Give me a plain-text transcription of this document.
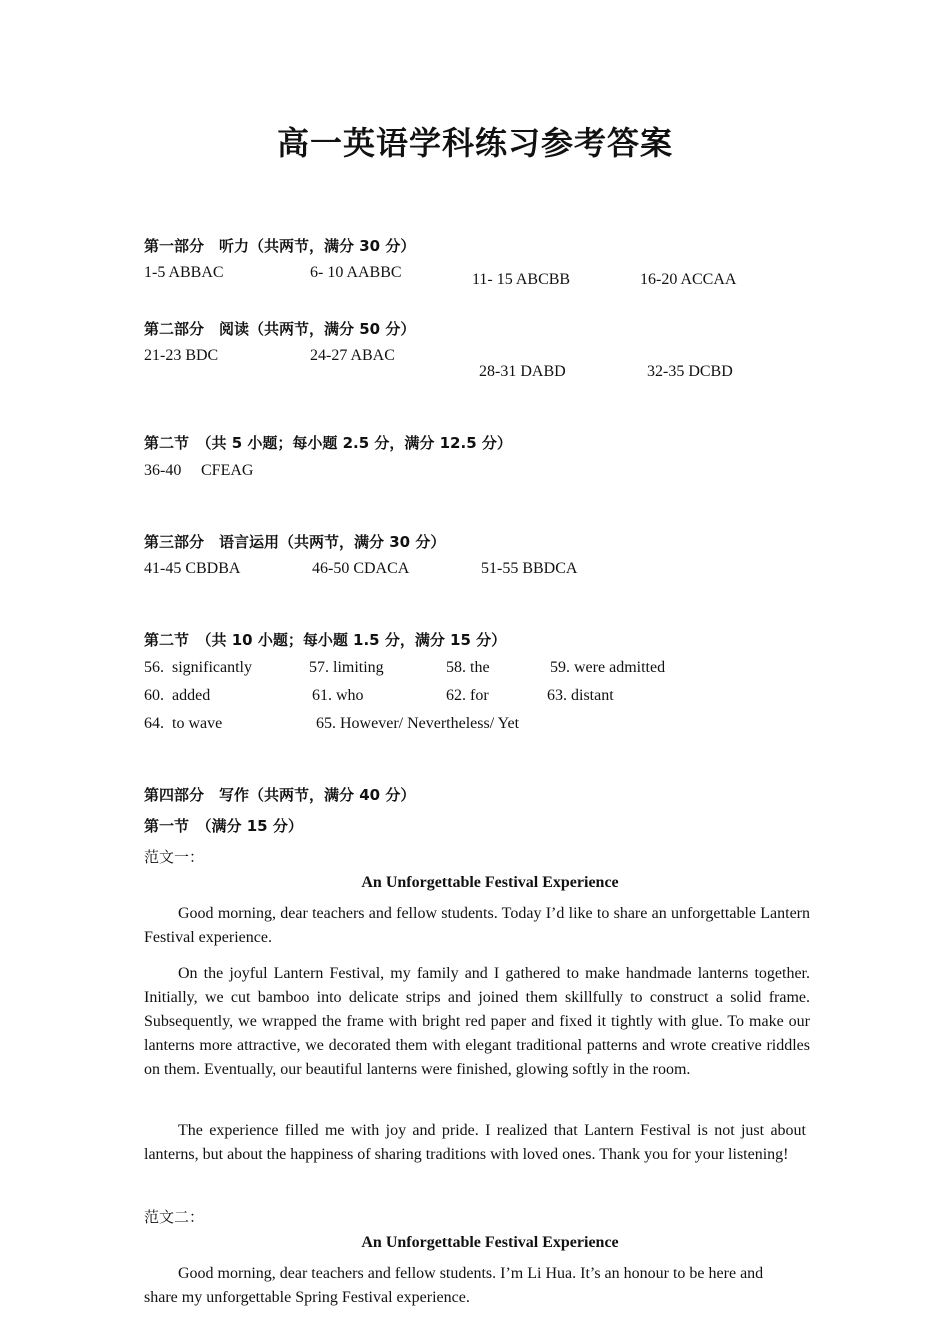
高一英语学科练习参考答案
第一部分　听力（共两节，满分 30 分）
1-5 ABBAC	6- 10 AABBC	11- 15 ABCBB	16-20 ACCAA
第二部分　阅读（共两节，满分 50 分）
21-23 BDC	24-27 ABAC
28-31 DABD	32-35 DCBD
第二节　（共 5 小题；每小题 2.5 分，满分 12.5 分）
36-40 CFEAG
第三部分　语言运用（共两节，满分 30 分）
41-45 CBDBA	46-50 CDACA	51-55 BBDCA
第二节　（共 10 小题；每小题 1.5 分，满分 15 分）
56.  significantly	57. limiting	58. the	59. were admitted
60.  added	61. who	62. for	63. distant
64.  to wave	65. However/ Nevertheless/ Yet
第四部分　写作（共两节，满分 40 分）
第一节　（满分 15 分）
范文一：
An Unforgettable Festival Experience
Good morning, dear teachers and fellow students. Today I’d like to share an unforgettable Lantern Festival experience.
On the joyful Lantern Festival, my family and I gathered to make handmade lanterns together. Initially, we cut bamboo into delicate strips and joined them skillfully to construct a solid frame. Subsequently, we wrapped the frame with bright red paper and fixed it tightly with glue. To make our lanterns more attractive, we decorated them with elegant traditional patterns and wrote creative riddles on them. Eventually, our beautiful lanterns were finished, glowing softly in the room.
The experience filled me with joy and pride. I realized that Lantern Festival is not just about lanterns, but about the happiness of sharing traditions with loved ones. Thank you for your listening!
范文二：
An Unforgettable Festival Experience
Good morning, dear teachers and fellow students. I’m Li Hua. It’s an honour to be here and share my unforgettable Spring Festival experience.
